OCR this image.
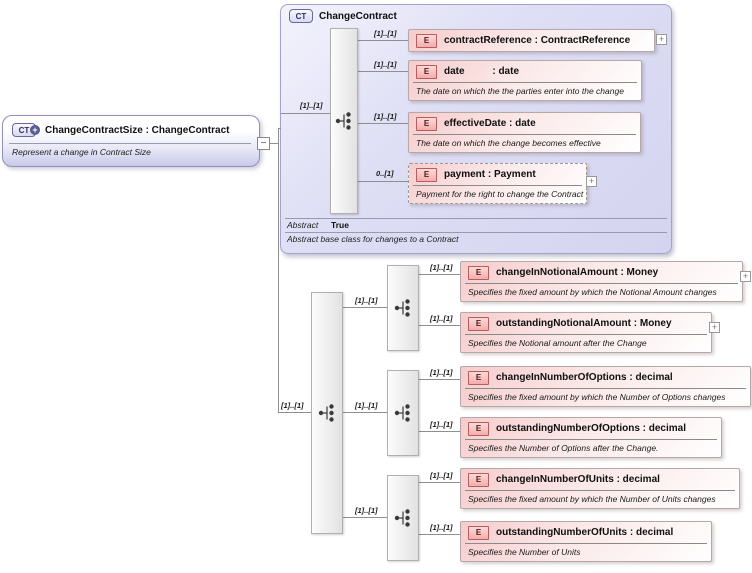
CT	ChangeContract
Abstract True
Abstract base class for changes to a Contract
CT + ChangeContractSize : ChangeContract
Represent a change in Contract Size
−
[1]..[1]
[1]..[1]
[1]..[1]
[1]..[1]
0..[1]
[1]..[1]
[1]..[1]
[1]..[1]
[1]..[1]
[1]..[1]
[1]..[1]
[1]..[1]
[1]..[1]
[1]..[1]
[1]..[1]
E	contractReference : ContractReference	+
E	date          : date
The date on which the the parties enter into the change
E	effectiveDate : date
The date on which the change becomes effective
E	payment : Payment
Payment for the right to change the Contract
+
E	changeInNotionalAmount : Money
Specifies the fixed amount by which the Notional Amount changes
+
E	outstandingNotionalAmount : Money
Specifies the Notional amount after the Change
+
E	changeInNumberOfOptions : decimal
Specifies the fixed amount by which the Number of Options changes
E	outstandingNumberOfOptions : decimal
Specifies the Number of Options after the Change.
E	changeInNumberOfUnits : decimal
Specifies the fixed amount by which the Number of Units changes
E	outstandingNumberOfUnits : decimal
Specifies the Number of Units
